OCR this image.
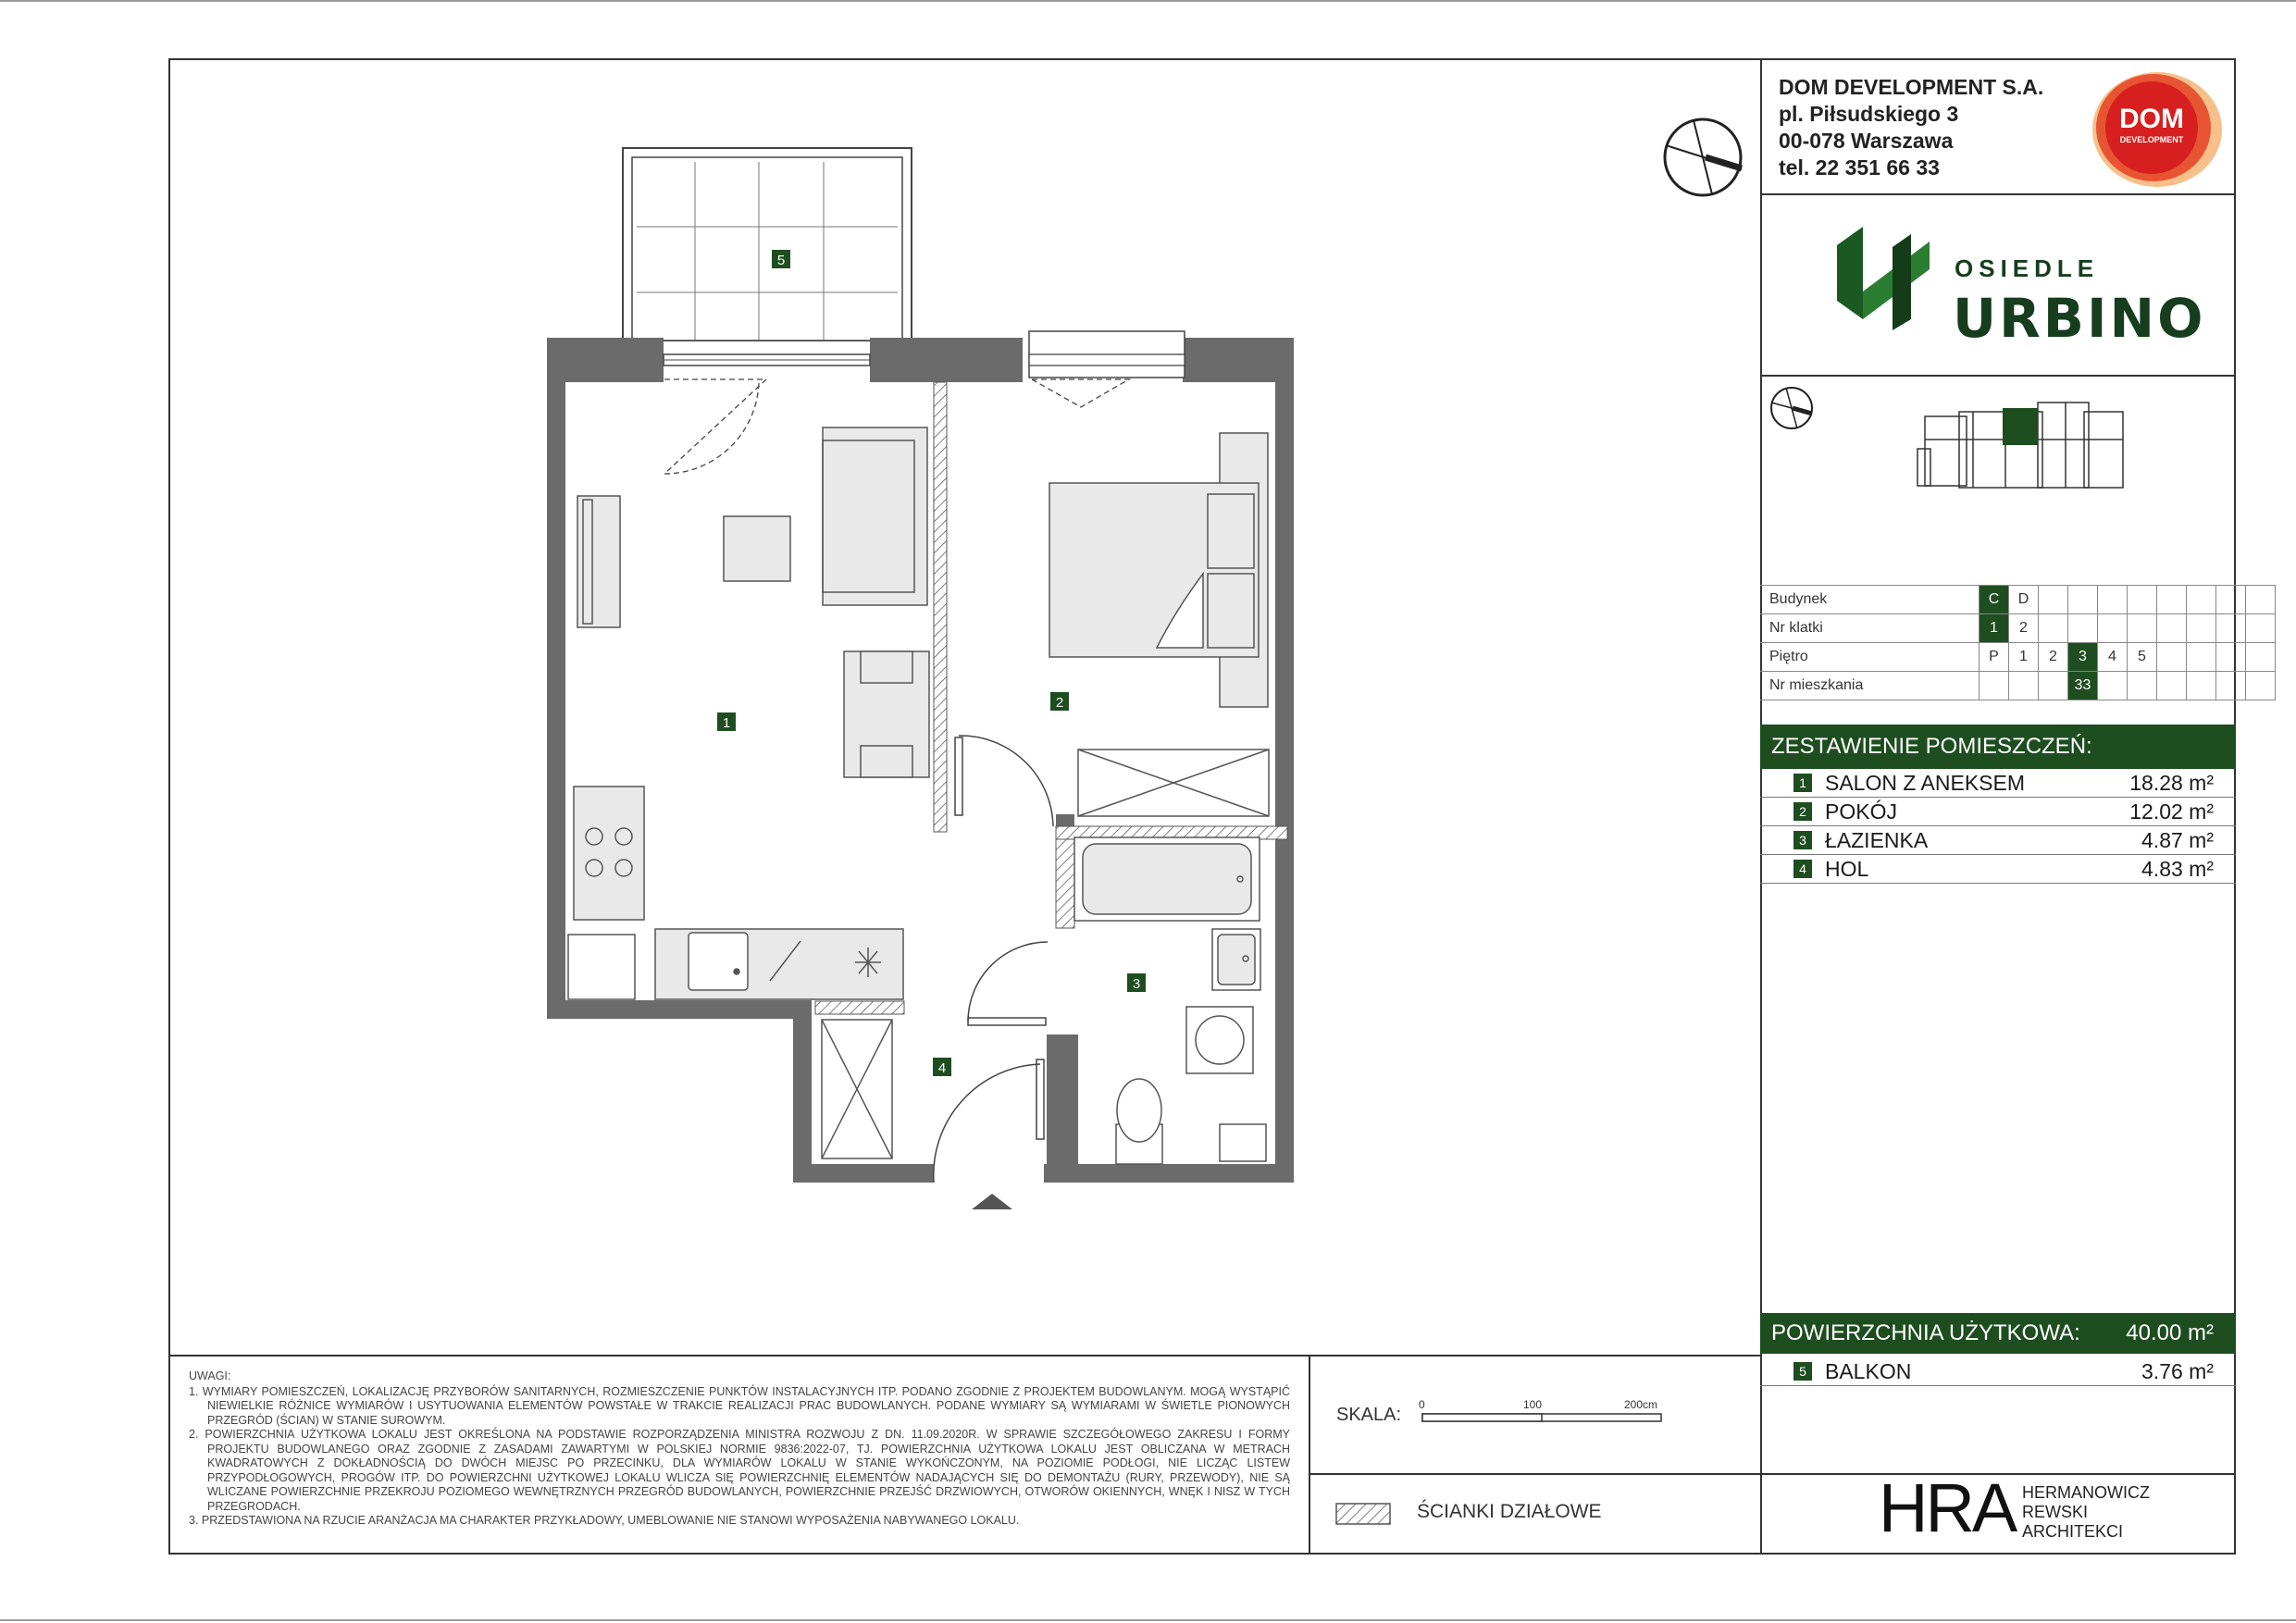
5
1
2
3
4
DOM DEVELOPMENT S.A.
pl. Piłsudskiego 3
00-078 Warszawa
tel. 22 351 66 33
DOM
DEVELOPMENT
OSIEDLE
URBINO
Budynek	C	D								
Nr klatki	1	2								
Piętro	P	1	2	3	4	5				
Nr mieszkania				33						
ZESTAWIENIE POMIESZCZEŃ:
1 SALON Z ANEKSEM	18.28 m²
2 POKÓJ	12.02 m²
3 ŁAZIENKA	4.87 m²
4 HOL	4.83 m²
POWIERZCHNIA UŻYTKOWA: 40.00 m²
5 BALKON	3.76 m²
UWAGI:
1. WYMIARY POMIESZCZEŃ, LOKALIZACJĘ PRZYBORÓW SANITARNYCH, ROZMIESZCZENIE PUNKTÓW INSTALACYJNYCH ITP. PODANO ZGODNIE Z PROJEKTEM BUDOWLANYM. MOGĄ WYSTĄPIĆ NIEWIELKIE RÓŻNICE WYMIARÓW I USYTUOWANIA ELEMENTÓW POWSTAŁE W TRAKCIE REALIZACJI PRAC BUDOWLANYCH. PODANE WYMIARY SĄ WYMIARAMI W ŚWIETLE PIONOWYCH PRZEGRÓD (ŚCIAN) W STANIE SUROWYM.
2. POWIERZCHNIA UŻYTKOWA LOKALU JEST OKREŚLONA NA PODSTAWIE ROZPORZĄDZENIA MINISTRA ROZWOJU Z DN. 11.09.2020R. W SPRAWIE SZCZEGÓŁOWEGO ZAKRESU I FORMY PROJEKTU BUDOWLANEGO ORAZ ZGODNIE Z ZASADAMI ZAWARTYMI W POLSKIEJ NORMIE 9836:2022-07, TJ. POWIERZCHNIA UŻYTKOWA LOKALU JEST OBLICZANA W METRACH KWADRATOWYCH Z DOKŁADNOŚCIĄ DO DWÓCH MIEJSC PO PRZECINKU, DLA WYMIARÓW LOKALU W STANIE WYKOŃCZONYM, NA POZIOMIE PODŁOGI, NIE LICZĄC LISTEW PRZYPODŁOGOWYCH, PROGÓW ITP. DO POWIERZCHNI UŻYTKOWEJ LOKALU WLICZA SIĘ POWIERZCHNIĘ ELEMENTÓW NADAJĄCYCH SIĘ DO DEMONTAŻU (RURY, PRZEWODY), NIE SĄ WLICZANE POWIERZCHNIE PRZEKROJU POZIOMEGO WEWNĘTRZNYCH PRZEGRÓD BUDOWLANYCH, POWIERZCHNIE PRZEJŚĆ DRZWIOWYCH, OTWORÓW OKIENNYCH, WNĘK I NISZ W TYCH PRZEGRODACH.
3. PRZEDSTAWIONA NA RZUCIE ARANŻACJA MA CHARAKTER PRZYKŁADOWY, UMEBLOWANIE NIE STANOWI WYPOSAŻENIA NABYWANEGO LOKALU.
SKALA: 0	100	200cm
ŚCIANKI DZIAŁOWE	HRA HERMANOWICZ
REWSKI
ARCHITEKCI
